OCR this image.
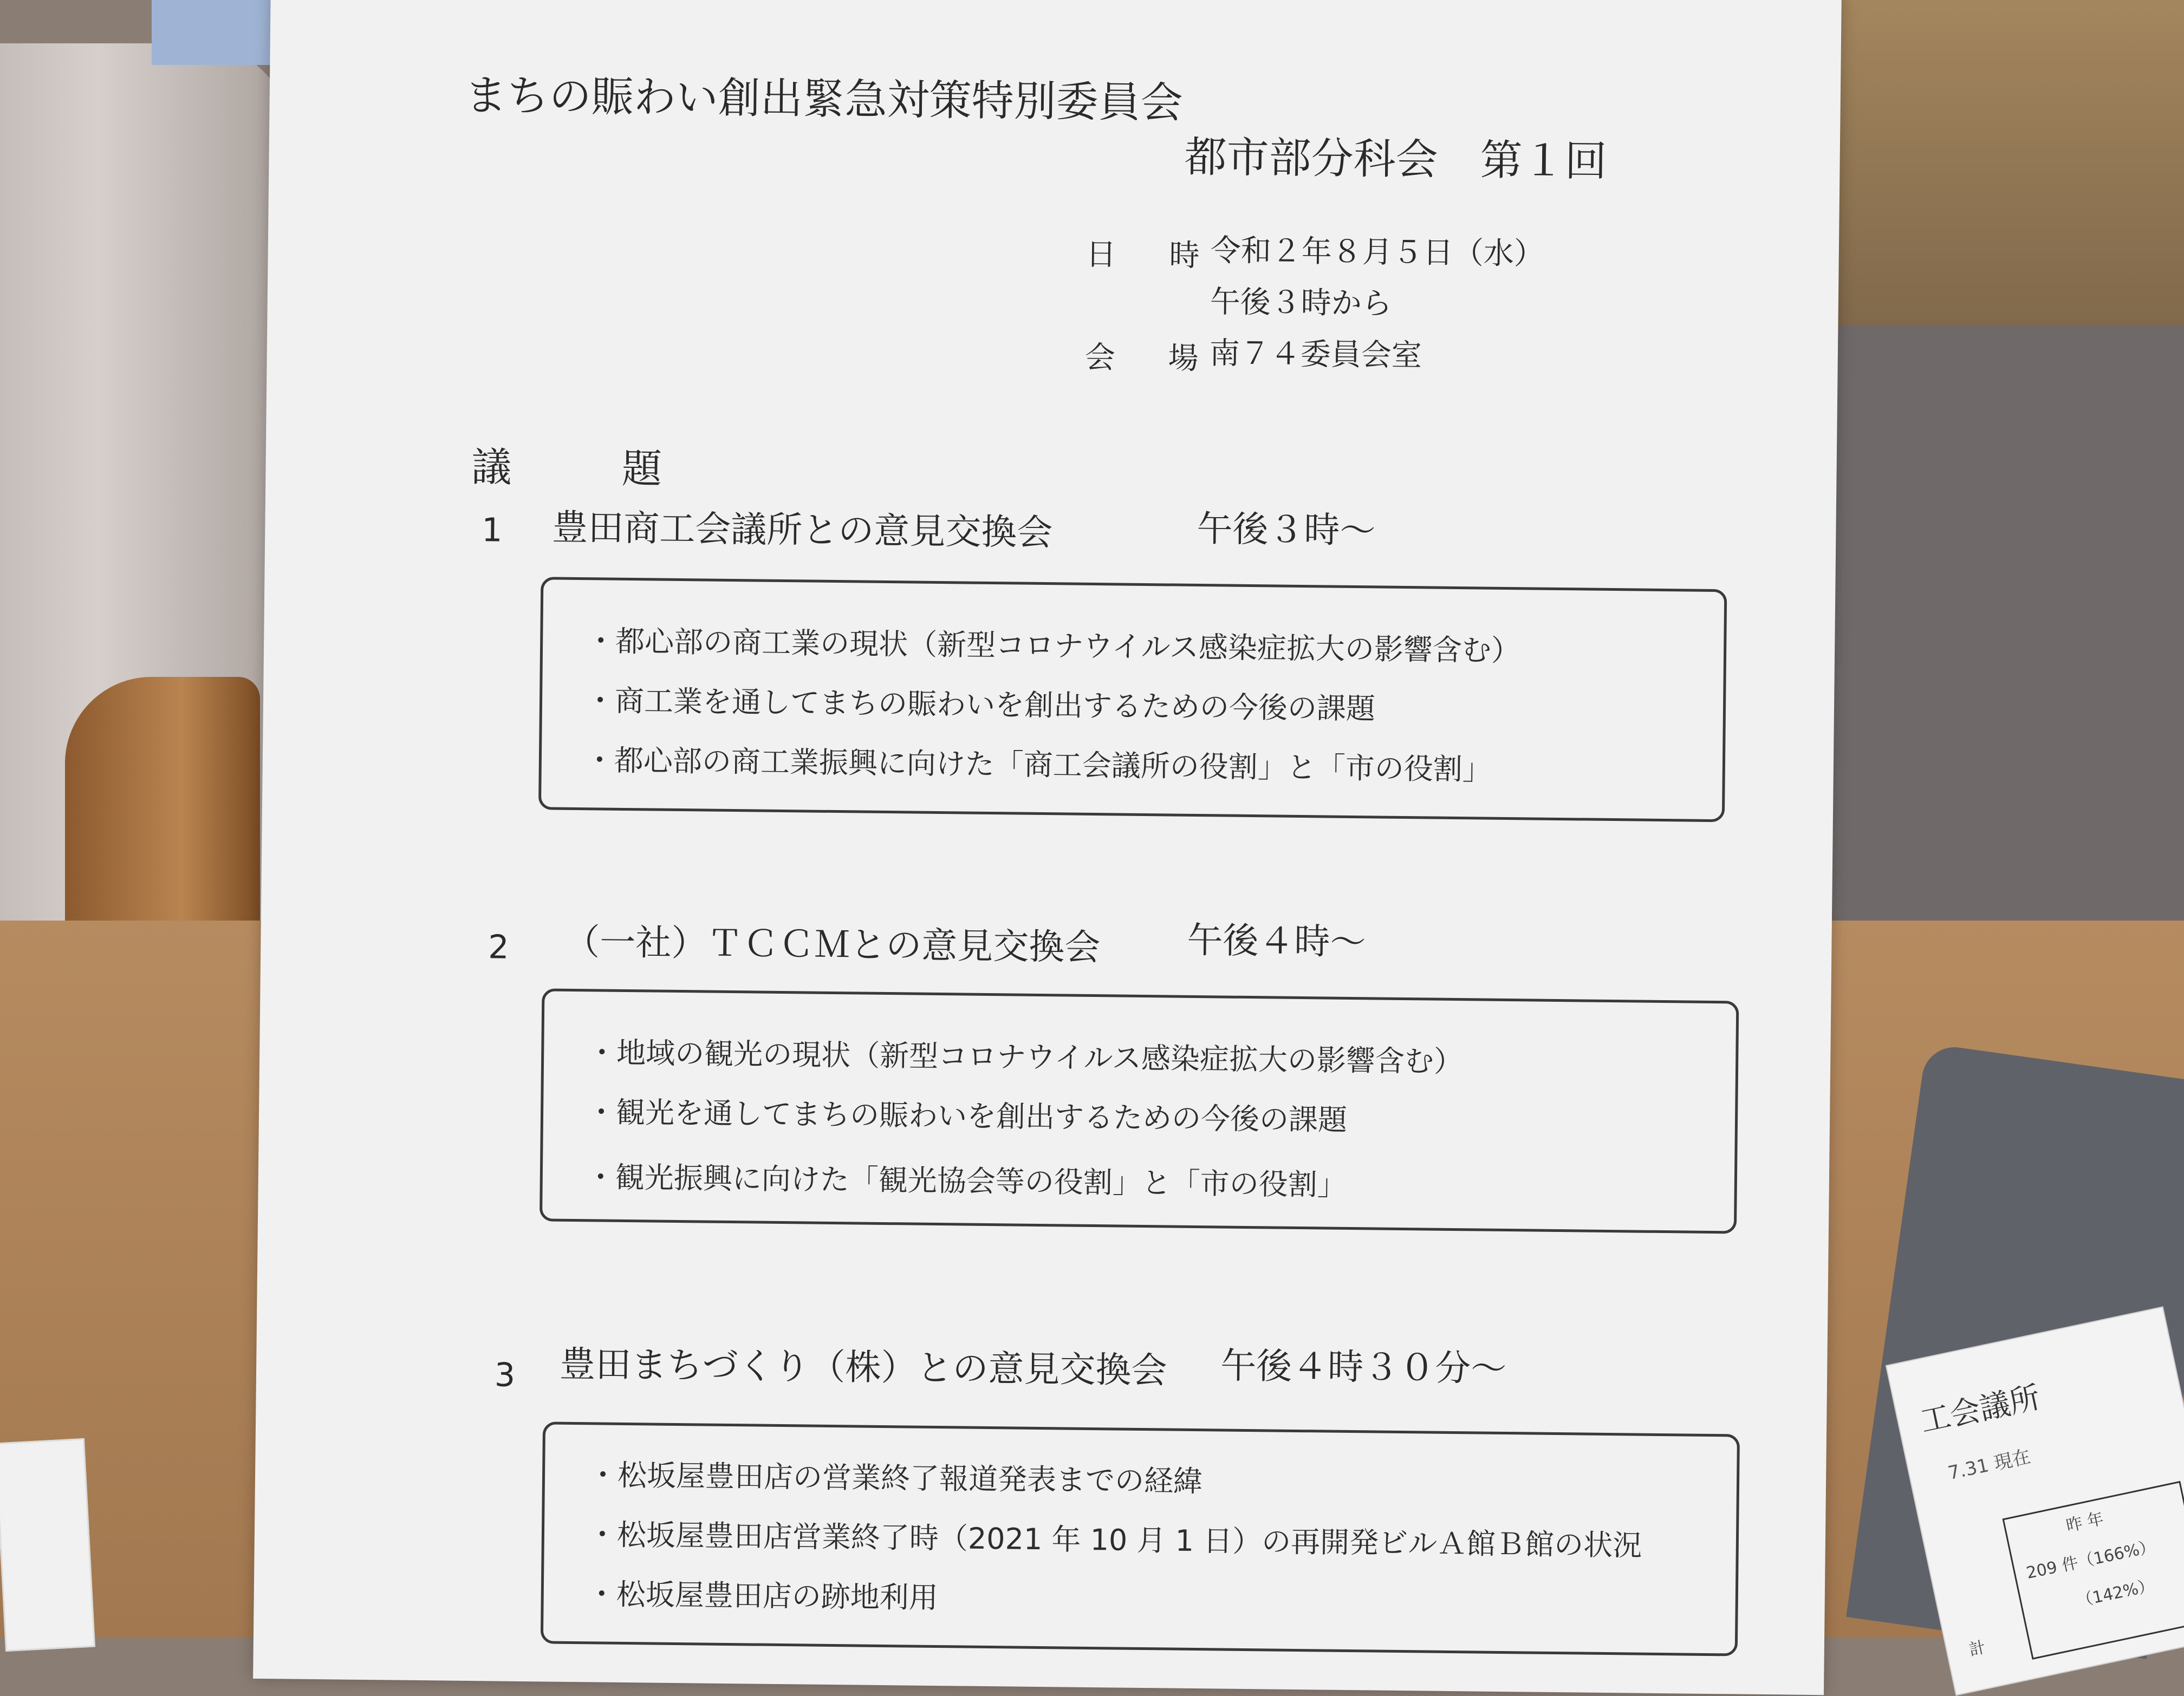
工会議所
7.31 現在
昨 年
209 件（166%）
（142%）
計
まちの賑わい創出緊急対策特別委員会
都市部分科会　第１回
日 時
令和２年８月５日（水）
午後３時から
会 場
南７４委員会室
議 題
1 豊田商工会議所との意見交換会	午後３時～
・都心部の商工業の現状（新型コロナウイルス感染症拡大の影響含む）
・商工業を通してまちの賑わいを創出するための今後の課題
・都心部の商工業振興に向けた「商工会議所の役割」と「市の役割」
2 （一社）ＴＣＣＭとの意見交換会 午後４時～
・地域の観光の現状（新型コロナウイルス感染症拡大の影響含む）
・観光を通してまちの賑わいを創出するための今後の課題
・観光振興に向けた「観光協会等の役割」と「市の役割」
3 豊田まちづくり（株）との意見交換会 午後４時３０分～
・松坂屋豊田店の営業終了報道発表までの経緯
・松坂屋豊田店営業終了時（2021 年 10 月 1 日）の再開発ビルＡ館Ｂ館の状況
・松坂屋豊田店の跡地利用
